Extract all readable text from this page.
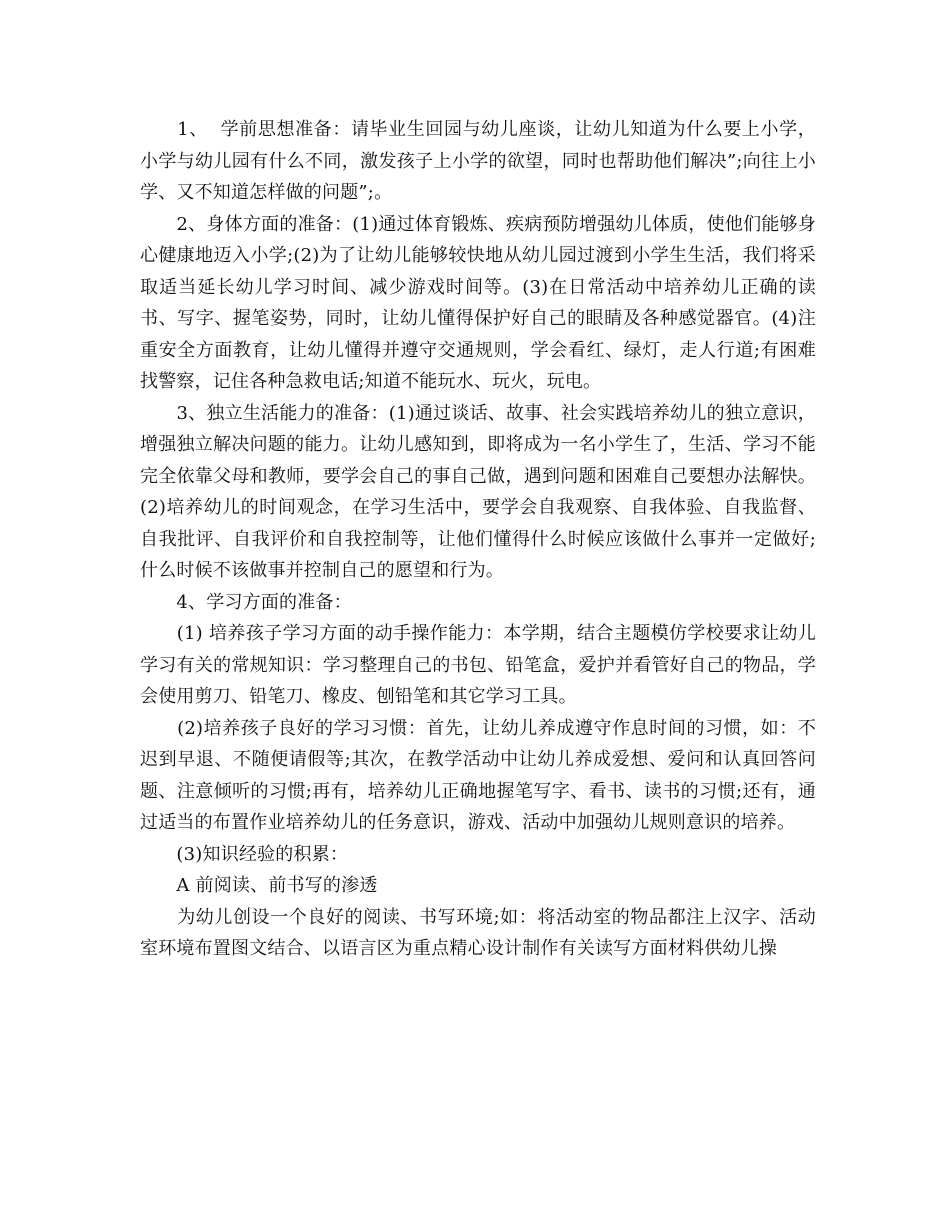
　　1、  学前思想准备：请毕业生回园与幼儿座谈，让幼儿知道为什么要上小学，小学与幼儿园有什么不同，激发孩子上小学的欲望，同时也帮助他们解决”;向往上小学、又不知道怎样做的问题”;。

　　2、身体方面的准备：(1)通过体育锻炼、疾病预防增强幼儿体质，使他们能够身心健康地迈入小学;(2)为了让幼儿能够较快地从幼儿园过渡到小学生生活，我们将采取适当延长幼儿学习时间、减少游戏时间等。(3)在日常活动中培养幼儿正确的读书、写字、握笔姿势，同时，让幼儿懂得保护好自己的眼睛及各种感觉器官。(4)注重安全方面教育，让幼儿懂得并遵守交通规则，学会看红、绿灯，走人行道;有困难找警察，记住各种急救电话;知道不能玩水、玩火，玩电。

　　3、独立生活能力的准备：(1)通过谈话、故事、社会实践培养幼儿的独立意识，增强独立解决问题的能力。让幼儿感知到，即将成为一名小学生了，生活、学习不能完全依靠父母和教师，要学会自己的事自己做，遇到问题和困难自己要想办法解快。(2)培养幼儿的时间观念，在学习生活中，要学会自我观察、自我体验、自我监督、自我批评、自我评价和自我控制等，让他们懂得什么时候应该做什么事并一定做好;什么时候不该做事并控制自己的愿望和行为。

　　4、学习方面的准备：

　　(1) 培养孩子学习方面的动手操作能力：本学期，结合主题模仿学校要求让幼儿学习有关的常规知识：学习整理自己的书包、铅笔盒，爱护并看管好自己的物品，学会使用剪刀、铅笔刀、橡皮、刨铅笔和其它学习工具。

　　(2)培养孩子良好的学习习惯：首先，让幼儿养成遵守作息时间的习惯，如：不迟到早退、不随便请假等;其次，在教学活动中让幼儿养成爱想、爱问和认真回答问题、注意倾听的习惯;再有，培养幼儿正确地握笔写字、看书、读书的习惯;还有，通过适当的布置作业培养幼儿的任务意识，游戏、活动中加强幼儿规则意识的培养。

　　(3)知识经验的积累：

　　A 前阅读、前书写的渗透

　　为幼儿创设一个良好的阅读、书写环境;如：将活动室的物品都注上汉字、活动室环境布置图文结合、以语言区为重点精心设计制作有关读写方面材料供幼儿操
